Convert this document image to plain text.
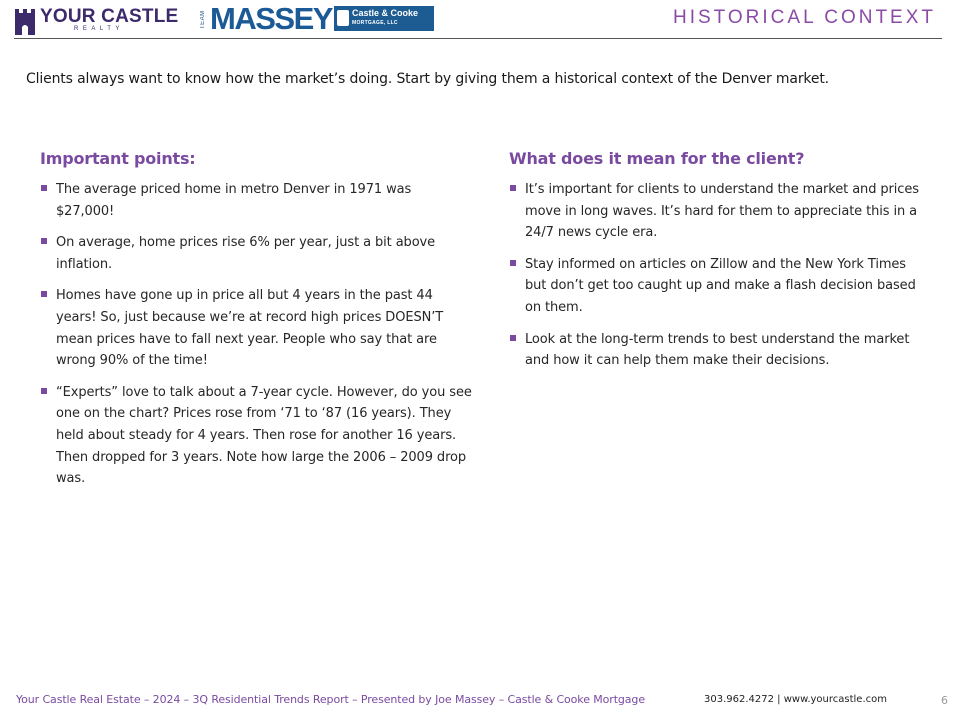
YOUR CASTLE
REALTY	TEAM MASSEY Castle & Cooke
MORTGAGE, LLC	HISTORICAL CONTEXT
Clients always want to know how the market’s doing. Start by giving them a historical context of the Denver market.
Important points:
The average priced home in metro Denver in 1971 was $27,000!
On average, home prices rise 6% per year, just a bit above inflation.
Homes have gone up in price all but 4 years in the past 44 years! So, just because we’re at record high prices DOESN’T mean prices have to fall next year. People who say that are wrong 90% of the time!
“Experts” love to talk about a 7-year cycle. However, do you see one on the chart? Prices rose from ‘71 to ‘87 (16 years). They held about steady for 4 years. Then rose for another 16 years. Then dropped for 3 years. Note how large the 2006 – 2009 drop was.
What does it mean for the client?
It’s important for clients to understand the market and prices move in long waves. It’s hard for them to appreciate this in a 24/7 news cycle era.
Stay informed on articles on Zillow and the New York Times but don’t get too caught up and make a flash decision based on them.
Look at the long-term trends to best understand the market and how it can help them make their decisions.
Your Castle Real Estate – 2024 – 3Q Residential Trends Report – Presented by Joe Massey – Castle & Cooke Mortgage	303.962.4272 | www.yourcastle.com	6
